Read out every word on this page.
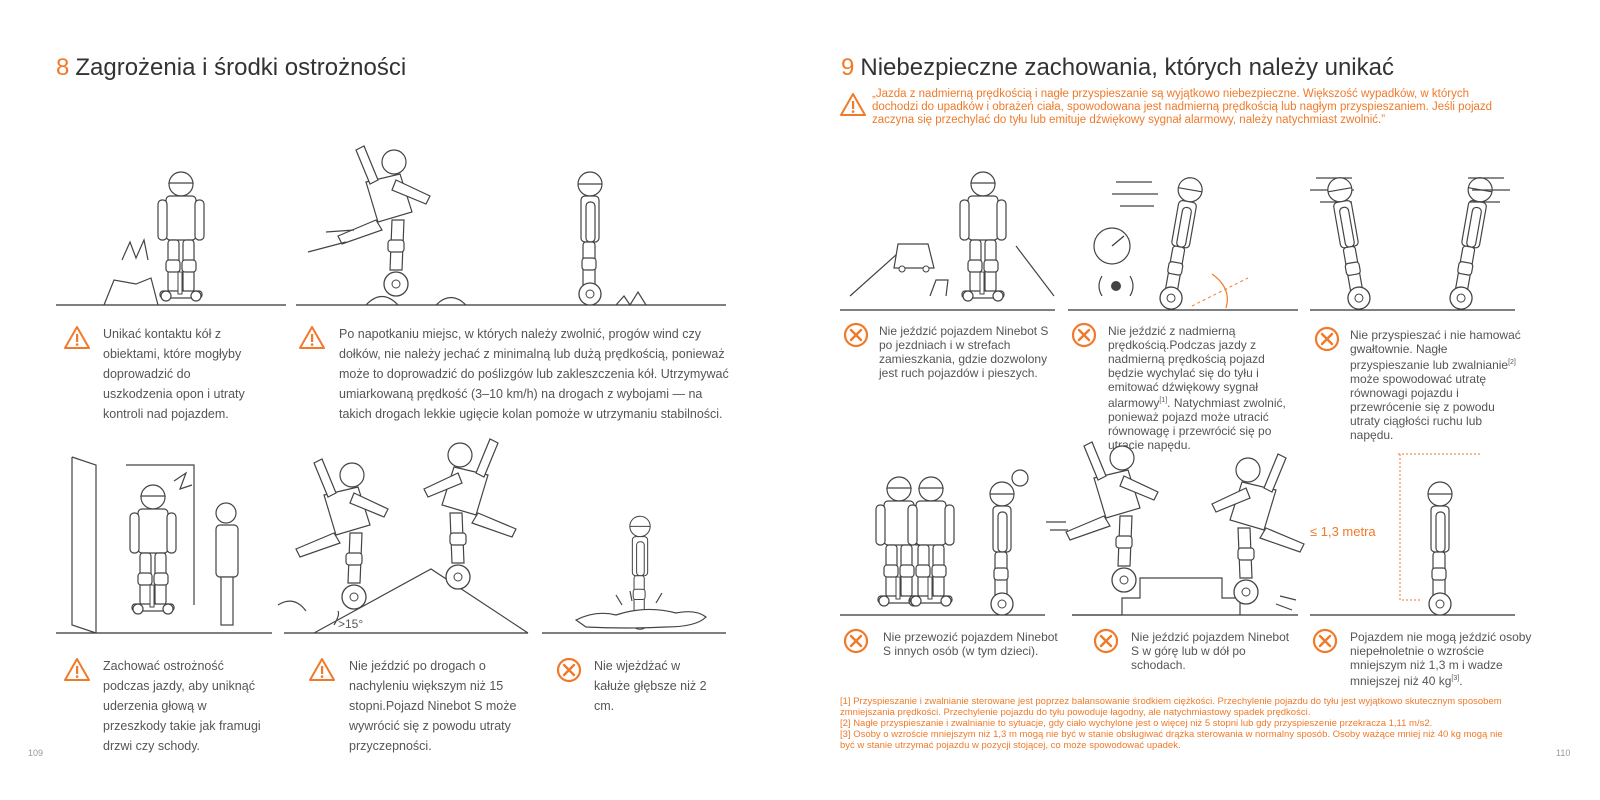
8 Zagrożenia i środki ostrożności
Unikać kontaktu kół z obiektami, które mogłyby doprowadzić do uszkodzenia opon i utraty kontroli nad pojazdem.
Po napotkaniu miejsc, w których należy zwolnić, progów wind czy dołków, nie należy jechać z minimalną lub dużą prędkością, ponieważ może to doprowadzić do poślizgów lub zakleszczenia kół. Utrzymywać umiarkowaną prędkość (3–10 km/h) na drogach z wybojami — na takich drogach lekkie ugięcie kolan pomoże w utrzymaniu stabilności.
>15°
Zachować ostrożność podczas jazdy, aby uniknąć uderzenia głową w przeszkody takie jak framugi drzwi czy schody.
Nie jeździć po drogach o nachyleniu większym niż 15 stopni.Pojazd Ninebot S może wywrócić się z powodu utraty przyczepności.
Nie wjeżdżać w kałuże głębsze niż 2 cm.
109
9 Niebezpieczne zachowania, których należy unikać
„Jazda z nadmierną prędkością i nagłe przyspieszanie są wyjątkowo niebezpieczne. Większość wypadków, w których dochodzi do upadków i obrażeń ciała, spowodowana jest nadmierną prędkością lub nagłym przyspieszaniem. Jeśli pojazd zaczyna się przechylać do tyłu lub emituje dźwiękowy sygnał alarmowy, należy natychmiast zwolnić.”
Nie jeździć pojazdem Ninebot S po jezdniach i w strefach zamieszkania, gdzie dozwolony jest ruch pojazdów i pieszych.
Nie jeździć z nadmierną prędkością.Podczas jazdy z nadmierną prędkością pojazd będzie wychylać się do tyłu i emitować dźwiękowy sygnał alarmowy[1]. Natychmiast zwolnić, ponieważ pojazd może utracić równowagę i przewrócić się po utracie napędu.
Nie przyspieszać i nie hamować gwałtownie. Nagłe przyspieszanie lub zwalnianie[2] może spowodować utratę równowagi pojazdu i przewrócenie się z powodu utraty ciągłości ruchu lub napędu.
≤ 1,3 metra
Nie przewozić pojazdem Ninebot S innych osób (w tym dzieci).
Nie jeździć pojazdem Ninebot S w górę lub w dół po schodach.
Pojazdem nie mogą jeździć osoby niepełnoletnie o wzroście mniejszym niż 1,3 m i wadze mniejszej niż 40 kg[3].
[1] Przyspieszanie i zwalnianie sterowane jest poprzez balansowanie środkiem ciężkości. Przechylenie pojazdu do tyłu jest wyjątkowo skutecznym sposobem zmniejszania prędkości. Przechylenie pojazdu do tyłu powoduje łagodny, ale natychmiastowy spadek prędkości.
[2] Nagłe przyspieszanie i zwalnianie to sytuacje, gdy ciało wychylone jest o więcej niż 5 stopni lub gdy przyspieszenie przekracza 1,11 m/s2.
[3] Osoby o wzroście mniejszym niż 1,3 m mogą nie być w stanie obsługiwać drążka sterowania w normalny sposób. Osoby ważące mniej niż 40 kg mogą nie być w stanie utrzymać pojazdu w pozycji stojącej, co może spowodować upadek.
110
